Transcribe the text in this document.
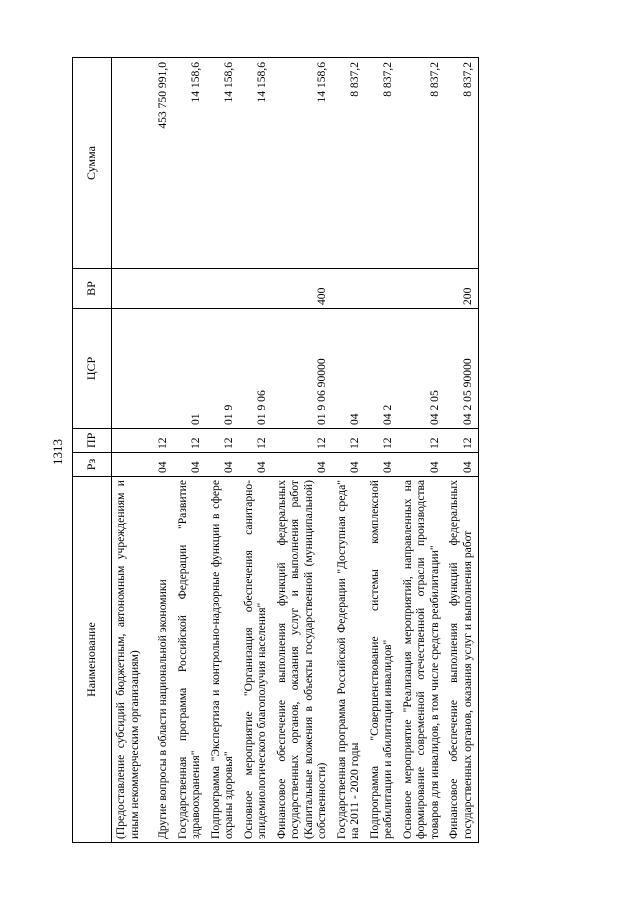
1313
Наименование	Рз	ПР	ЦСР	ВР	Сумма
(Предоставление субсидий бюджетным, автономным учреждениям и иным некоммерческим организациям)					
Другие вопросы в области национальной экономики	04	12			453 750 991,0
Государственная программа Российской Федерации "Развитие здравоохранения"	04	12	01		14 158,6
Подпрограмма "Экспертиза и контрольно-надзорные функции в сфере охраны здоровья"	04	12	01 9		14 158,6
Основное мероприятие "Организация обеспечения санитарно-эпидемиологического благополучия населения"	04	12	01 9 06		14 158,6
Финансовое обеспечение выполнения функций федеральных государственных органов, оказания услуг и выполнения работ (Капитальные вложения в объекты государственной (муниципальной) собственности)	04	12	01 9 06 90000	400	14 158,6
Государственная программа Российской Федерации "Доступная среда" на 2011 - 2020 годы	04	12	04		8 837,2
Подпрограмма "Совершенствование системы комплексной реабилитации и абилитации инвалидов"	04	12	04 2		8 837,2
Основное мероприятие "Реализация мероприятий, направленных на формирование современной отечественной отрасли производства товаров для инвалидов, в том числе средств реабилитации"	04	12	04 2 05		8 837,2
Финансовое обеспечение выполнения функций федеральных государственных органов, оказания услуг и выполнения работ	04	12	04 2 05 90000	200	8 837,2
